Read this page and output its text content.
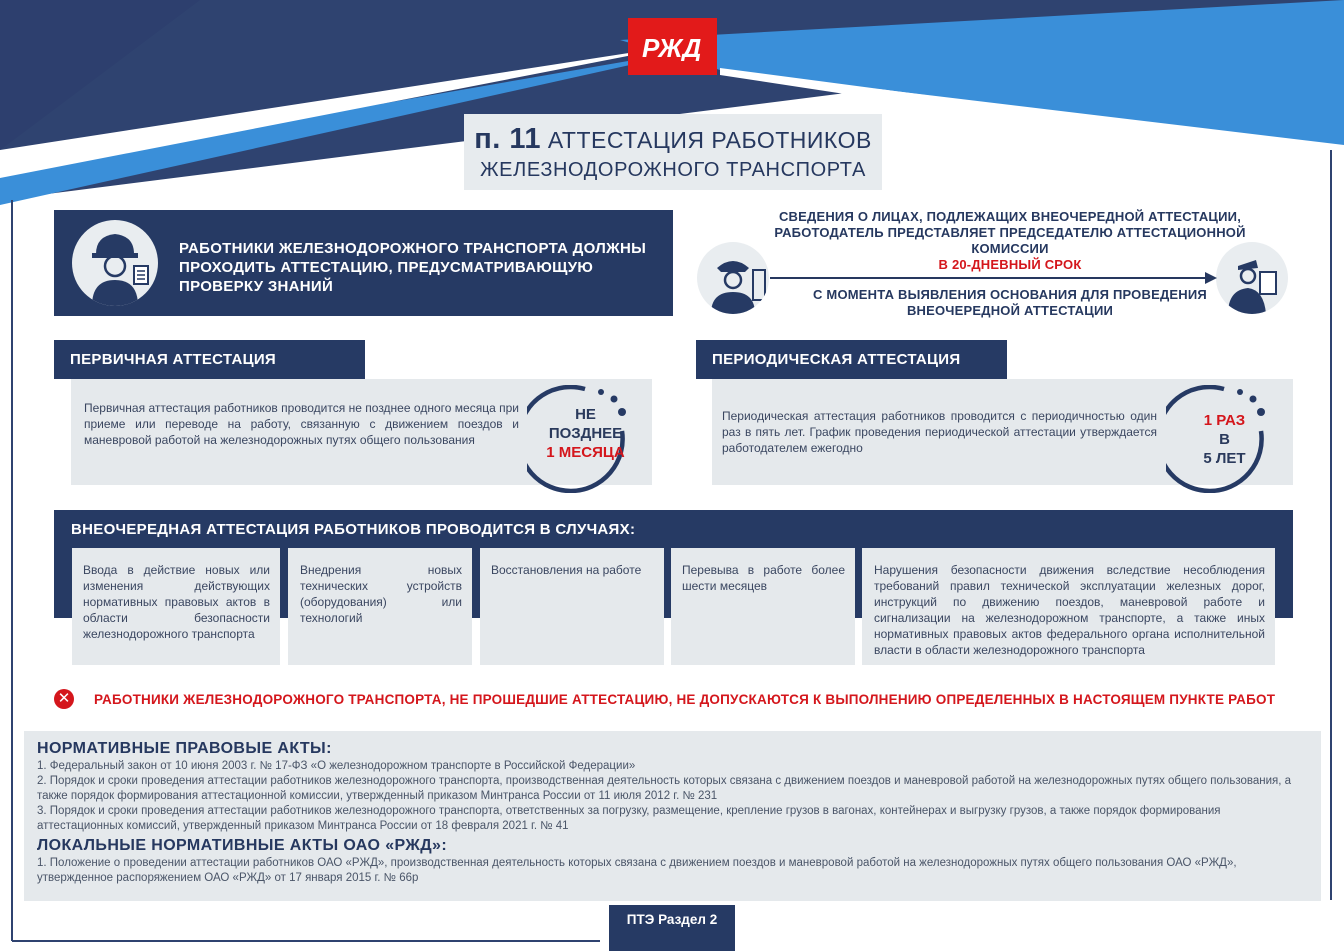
РЖД
п. 11 АТТЕСТАЦИЯ РАБОТНИКОВ
ЖЕЛЕЗНОДОРОЖНОГО ТРАНСПОРТА
РАБОТНИКИ ЖЕЛЕЗНОДОРОЖНОГО ТРАНСПОРТА ДОЛЖНЫ ПРОХОДИТЬ АТТЕСТАЦИЮ, ПРЕДУСМАТРИВАЮЩУЮ ПРОВЕРКУ ЗНАНИЙ
СВЕДЕНИЯ О ЛИЦАХ, ПОДЛЕЖАЩИХ ВНЕОЧЕРЕДНОЙ АТТЕСТАЦИИ, РАБОТОДАТЕЛЬ ПРЕДСТАВЛЯЕТ ПРЕДСЕДАТЕЛЮ АТТЕСТАЦИОННОЙ КОМИССИИ
В 20-ДНЕВНЫЙ СРОК
С МОМЕНТА ВЫЯВЛЕНИЯ ОСНОВАНИЯ ДЛЯ ПРОВЕДЕНИЯ ВНЕОЧЕРЕДНОЙ АТТЕСТАЦИИ
Первичная аттестация работников проводится не позднее одного месяца при приеме или переводе на работу, связанную с движением поездов и маневровой работой на железнодорожных путях общего пользования
ПЕРВИЧНАЯ АТТЕСТАЦИЯ
НЕ
ПОЗДНЕЕ
1 МЕСЯЦА
Периодическая аттестация работников проводится с периодичностью один раз в пять лет. График проведения периодической аттестации утверждается работодателем ежегодно
ПЕРИОДИЧЕСКАЯ АТТЕСТАЦИЯ
1 РАЗ
В
5 ЛЕТ
ВНЕОЧЕРЕДНАЯ АТТЕСТАЦИЯ РАБОТНИКОВ ПРОВОДИТСЯ В СЛУЧАЯХ:
Ввода в действие новых или изменения действующих нормативных правовых актов в области безопасности железнодорожного транспорта
Внедрения новых технических устройств (оборудования) или технологий
Восстановления на работе	Перевыва в работе более шести месяцев
Нарушения безопасности движения вследствие несоблюдения требований правил технической эксплуатации железных дорог, инструкций по движению поездов, маневровой работе и сигнализации на железнодорожном транспорте, а также иных нормативных правовых актов федерального органа исполнительной власти в области железнодорожного транспорта
✕ РАБОТНИКИ ЖЕЛЕЗНОДОРОЖНОГО ТРАНСПОРТА, НЕ ПРОШЕДШИЕ АТТЕСТАЦИЮ, НЕ ДОПУСКАЮТСЯ К ВЫПОЛНЕНИЮ ОПРЕДЕЛЕННЫХ В НАСТОЯЩЕМ ПУНКТЕ РАБОТ
НОРМАТИВНЫЕ ПРАВОВЫЕ АКТЫ:

1. Федеральный закон от 10 июня 2003 г. № 17-ФЗ «О железнодорожном транспорте в Российской Федерации»

2. Порядок и сроки проведения аттестации работников железнодорожного транспорта, производственная деятельность которых связана с движением поездов и маневровой работой на железнодорожных путях общего пользования, а также порядок формирования аттестационной комиссии, утвержденный приказом Минтранса России от 11 июля 2012 г. № 231

3. Порядок и сроки проведения аттестации работников железнодорожного транспорта, ответственных за погрузку, размещение, крепление грузов в вагонах, контейнерах и выгрузку грузов, а также порядок формирования аттестационных комиссий, утвержденный приказом Минтранса России от 18 февраля 2021 г. № 41

ЛОКАЛЬНЫЕ НОРМАТИВНЫЕ АКТЫ ОАО «РЖД»:

1. Положение о проведении аттестации работников ОАО «РЖД», производственная деятельность которых связана с движением поездов и маневровой работой на железнодорожных путях общего пользования ОАО «РЖД», утвержденное распоряжением ОАО «РЖД» от 17 января 2015 г. № 66р

ПТЭ Раздел 2
